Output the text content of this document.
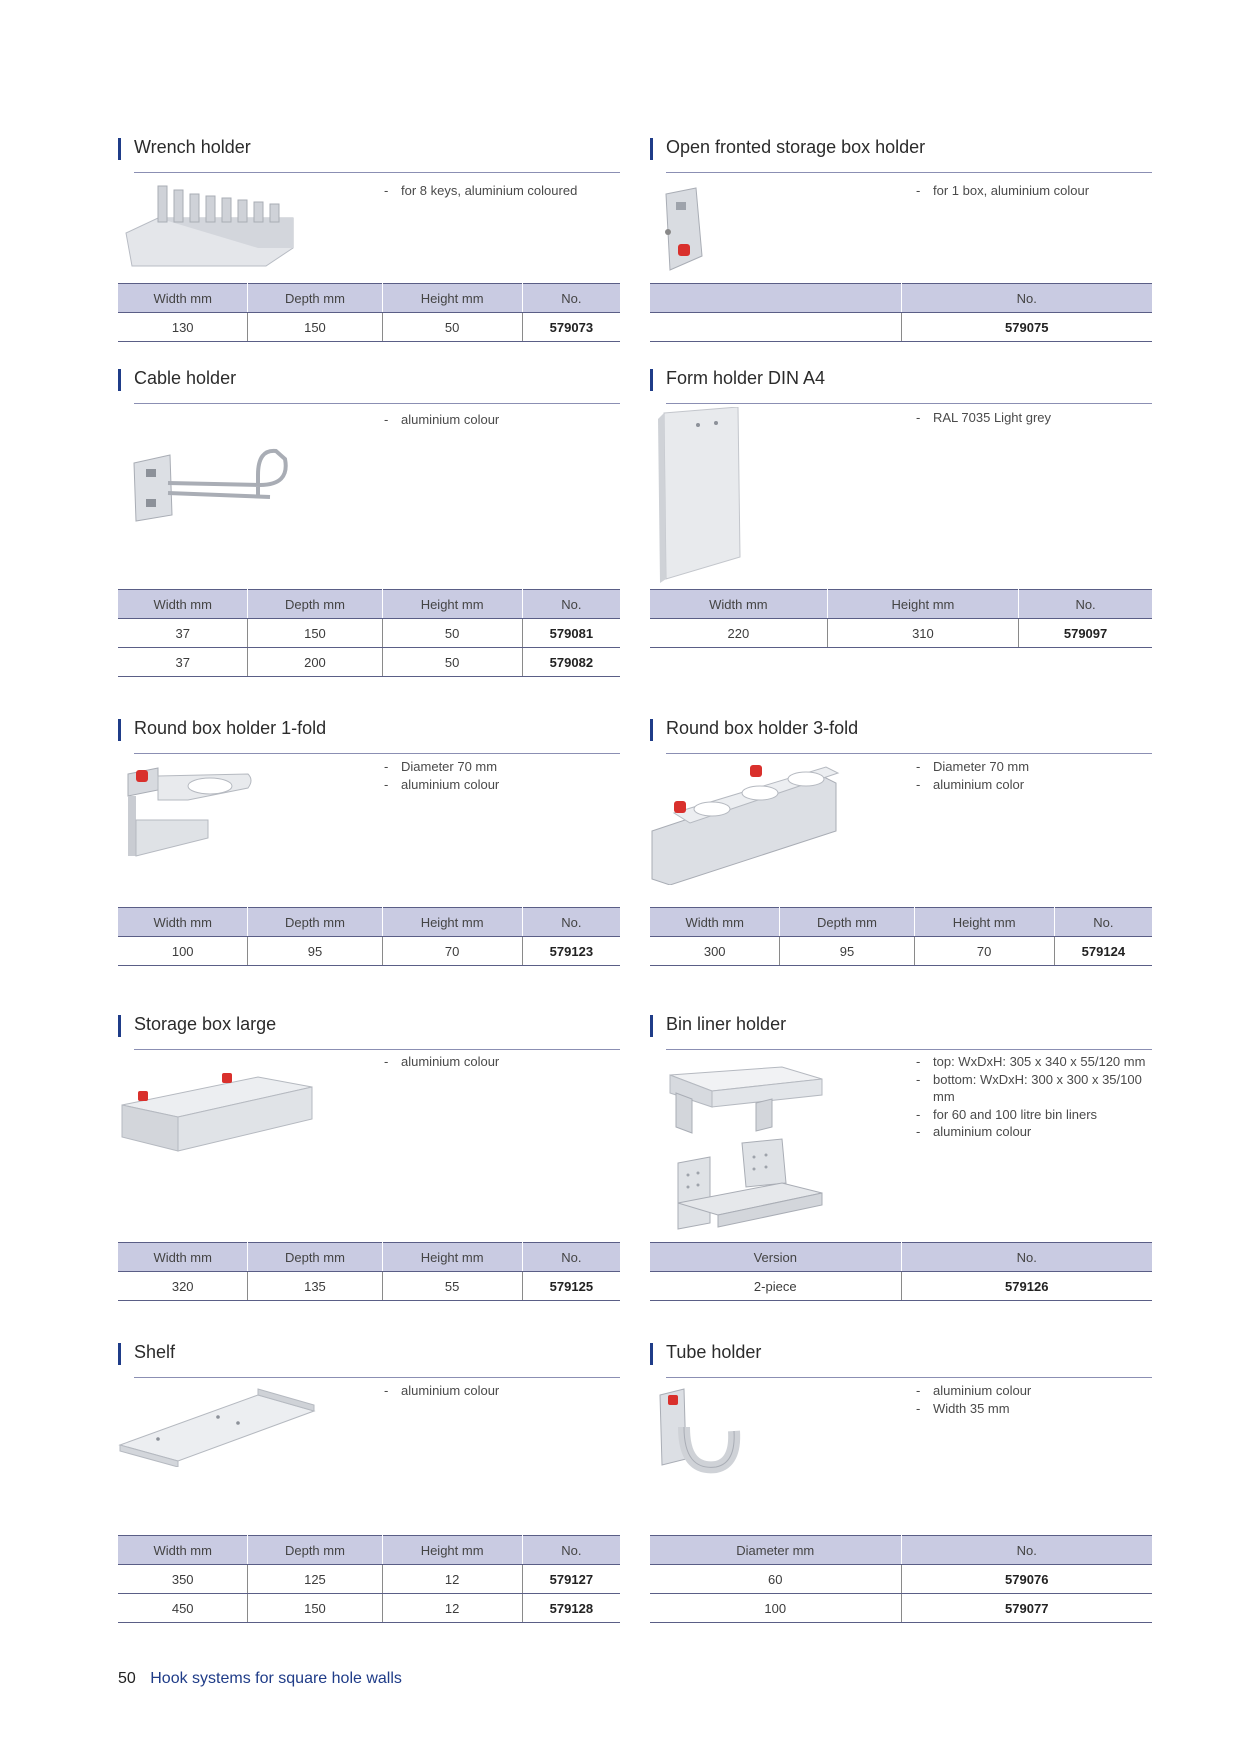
Wrench holder
- for 8 keys, aluminium coloured
Width mm	Depth mm	Height mm	No.
130	150	50	579073
Open fronted storage box holder
- for 1 box, aluminium colour
	No.
	579075
Cable holder
- aluminium colour
Width mm	Depth mm	Height mm	No.
37	150	50	579081
37	200	50	579082
Form holder DIN A4
- RAL 7035 Light grey
Width mm	Height mm	No.
220	310	579097
Round box holder 1-fold
- Diameter 70 mm
- aluminium colour
Width mm	Depth mm	Height mm	No.
100	95	70	579123
Round box holder 3-fold
- Diameter 70 mm
- aluminium color
Width mm	Depth mm	Height mm	No.
300	95	70	579124
Storage box large
- aluminium colour
Width mm	Depth mm	Height mm	No.
320	135	55	579125
Bin liner holder
- top: WxDxH: 305 x 340 x 55/120 mm
- bottom: WxDxH: 300 x 300 x 35/100 mm
- for 60 and 100 litre bin liners
- aluminium colour
Version	No.
2-piece	579126
Shelf
- aluminium colour
Width mm	Depth mm	Height mm	No.
350	125	12	579127
450	150	12	579128
Tube holder
- aluminium colour
- Width 35 mm
Diameter mm	No.
60	579076
100	579077
50 Hook systems for square hole walls
